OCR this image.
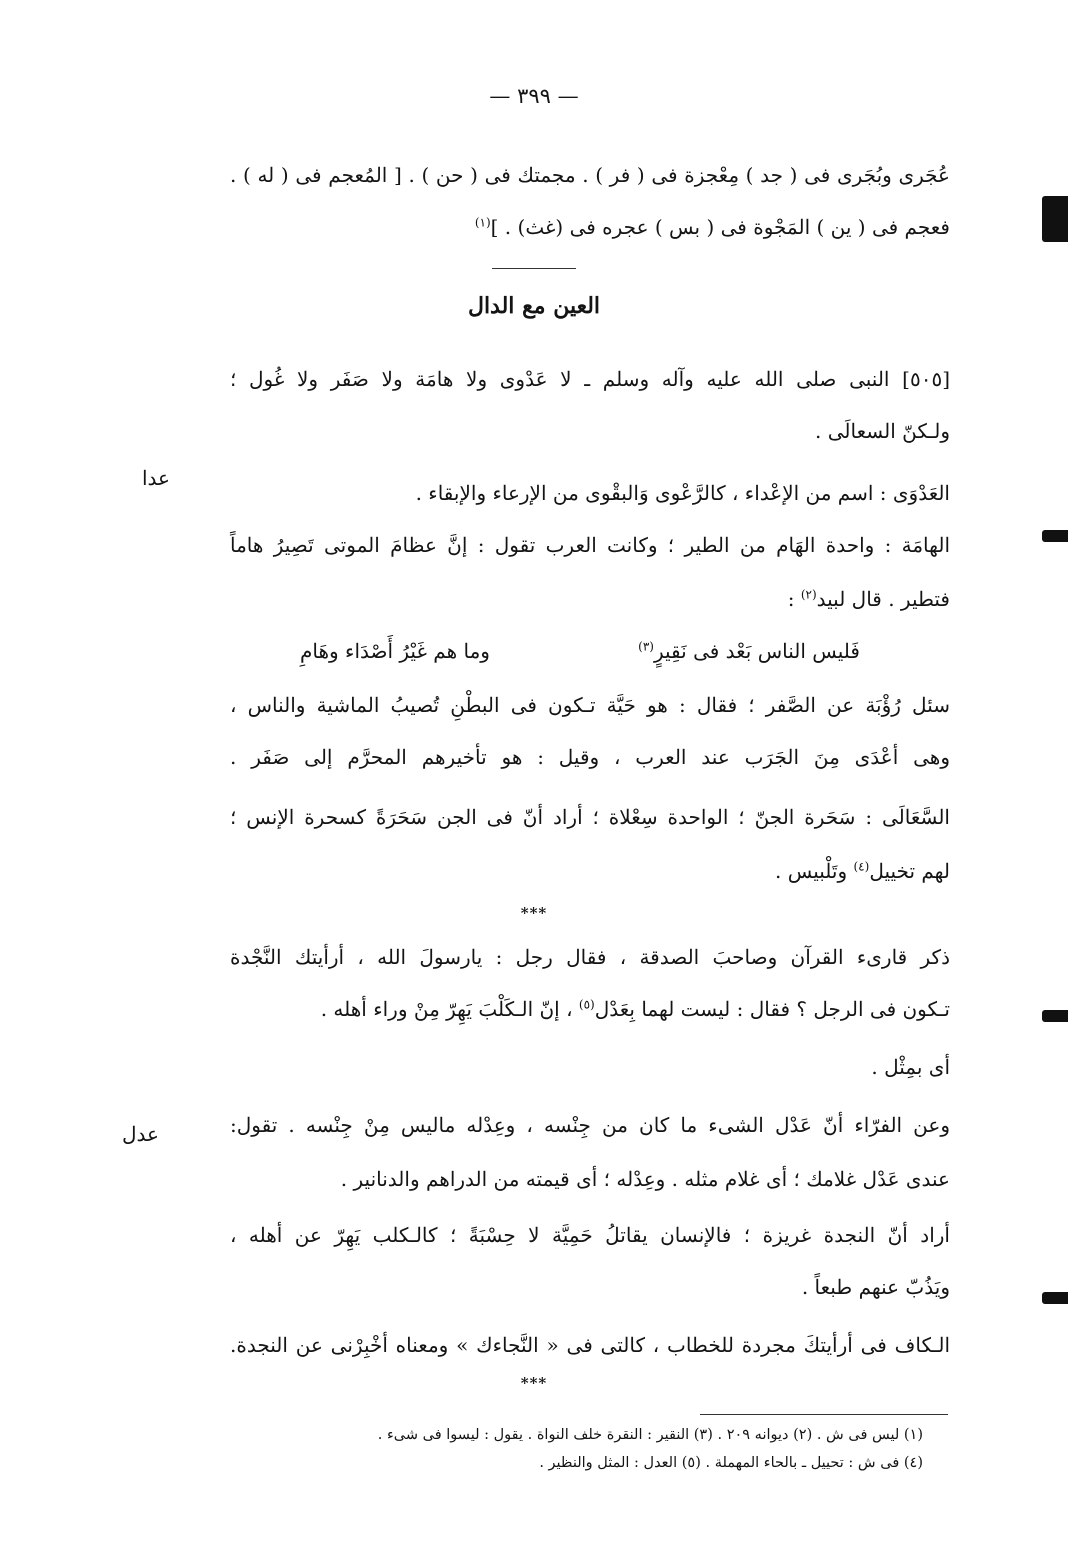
— ٣٩٩ —
عُجَرى وبُجَرى فى ( جد ) مِعْجزة فى ( فر ) . مجمتك فى ( حن ) . [ المُعجم فى ( له ) .
فعجم فى ( ين ) المَجْوة فى ( بس ) عجره فى (غث) . ]$^{(١)}$
العين مع الدال
[٥٠٥] النبى صلى الله عليه وآله وسلم ـ لا عَدْوى ولا هامَة ولا صَفَر ولا غُول ؛
ولـكنّ السعالَى .
العَدْوَى : اسم من الإعْداء ، كالرَّعْوى وَالبقْوى من الإرعاء والإبقاء .
الهامَة : واحدة الهَام من الطير ؛ وكانت العرب تقول : إنَّ عظامَ الموتى تَصِيرُ هاماً
فتطير . قال لبيد$^{(٢)}$ :
فَليس الناس بَعْد فى نَقِيرٍ$^{(٣)}$
وما هم غَيْرُ أَصْدَاء وهَامِ
سئل رُؤْبَة عن الصَّفر ؛ فقال : هو حَيَّة تـكون فى البطْنِ تُصيبُ الماشية والناس ،
وهى أعْدَى مِنَ الجَرَب عند العرب ، وقيل : هو تأخيرهم المحرَّم إلى صَفَر .
السَّعَالَى : سَحَرة الجنّ ؛ الواحدة سِعْلاة ؛ أراد أنّ فى الجن سَحَرَةً كسحرة الإنس ؛
لهم تخييل$^{(٤)}$ وتَلْبيس .
***
ذكر قارىء القرآن وصاحبَ الصدقة ، فقال رجل : يارسولَ الله ، أرأيتك النَّجْدة
تـكون فى الرجل ؟ فقال : ليست لهما بِعَدْل$^{(٥)}$ ، إنّ الـكَلْبَ يَهِرّ مِنْ وراء أهله .
أى بمِثْل .
وعن الفرّاء أنّ عَدْل الشىء ما كان من جِنْسه ، وعِدْله ماليس مِنْ جِنْسه . تقول:
عندى عَدْل غلامك ؛ أى غلام مثله . وعِدْله ؛ أى قيمته من الدراهم والدنانير .
أراد أنّ النجدة غريزة ؛ فالإنسان يقاتلُ حَمِيَّة لا حِسْبَةً ؛ كالـكلب يَهِرّ عن أهله ،
ويَذُبّ عنهم طبعاً .
الـكاف فى أرأيتكَ مجردة للخطاب ، كالتى فى « النَّجاءك » ومعناه أخْبِرْنى عن النجدة.
***
عدا
عدل
(١) ليس فى ش . (٢) ديوانه ٢٠٩ . (٣) النقير : النقرة خلف النواة . يقول : ليسوا فى شىء .
(٤) فى ش : تحييل ـ بالحاء المهملة . (٥) العدل : المثل والنظير .
